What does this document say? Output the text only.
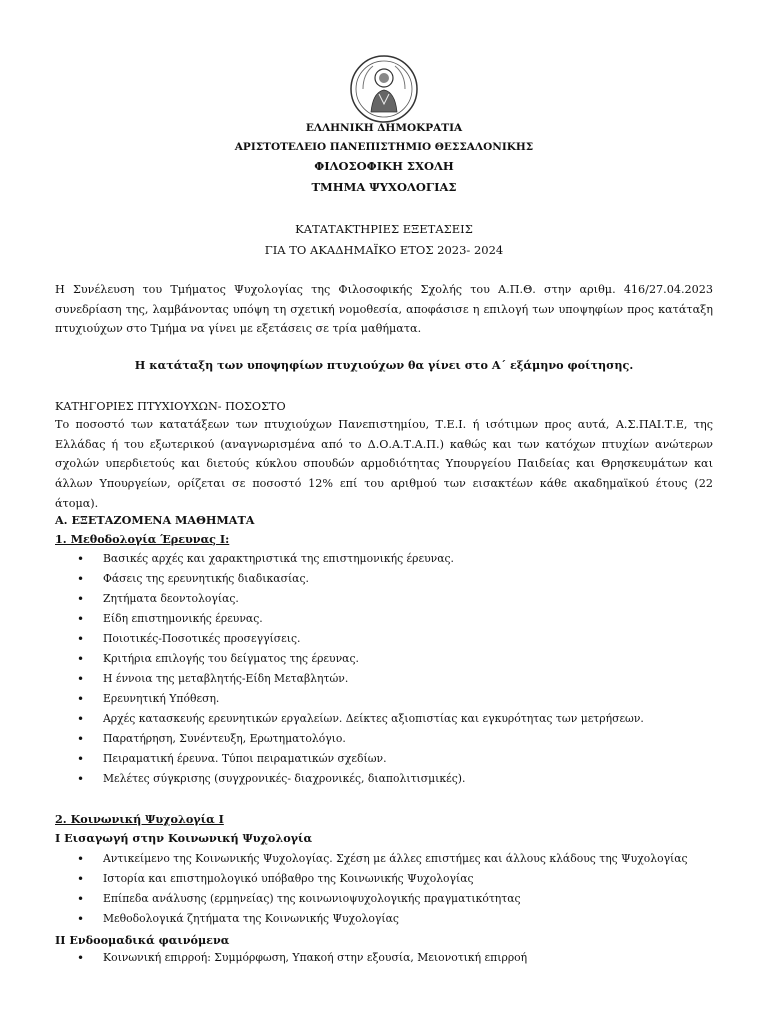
ΕΛΛΗΝΙΚΗ ΔΗΜΟΚΡΑΤΙΑ
ΑΡΙΣΤΟΤΕΛΕΙΟ ΠΑΝΕΠΙΣΤΗΜΙΟ ΘΕΣΣΑΛΟΝΙΚΗΣ
ΦΙΛΟΣΟΦΙΚΗ ΣΧΟΛΗ
ΤΜΗΜΑ ΨΥΧΟΛΟΓΙΑΣ
ΚΑΤΑΤΑΚΤΗΡΙΕΣ ΕΞΕΤΑΣΕΙΣ
ΓΙΑ ΤΟ ΑΚΑΔΗΜΑΪΚΟ ΕΤΟΣ 2023- 2024
Η Συνέλευση του Τμήματος Ψυχολογίας της Φιλοσοφικής Σχολής του Α.Π.Θ. στην αριθμ. 416/27.04.2023 συνεδρίαση της, λαμβάνοντας υπόψη τη σχετική νομοθεσία, αποφάσισε η επιλογή των υποψηφίων προς κατάταξη πτυχιούχων στο Τμήμα να γίνει με εξετάσεις σε τρία μαθήματα.
Η κατάταξη των υποψηφίων πτυχιούχων θα γίνει στο Α΄ εξάμηνο φοίτησης.
ΚΑΤΗΓΟΡΙΕΣ ΠΤΥΧΙΟΥΧΩΝ- ΠΟΣΟΣΤΟ
Το ποσοστό των κατατάξεων των πτυχιούχων Πανεπιστημίου, Τ.Ε.Ι. ή ισότιμων προς αυτά, Α.Σ.ΠΑΙ.Τ.Ε, της Ελλάδας ή του εξωτερικού (αναγνωρισμένα από το Δ.Ο.Α.Τ.Α.Π.) καθώς και των κατόχων πτυχίων ανώτερων σχολών υπερδιετούς και διετούς κύκλου σπουδών αρμοδιότητας Υπουργείου Παιδείας και Θρησκευμάτων και άλλων Υπουργείων, ορίζεται σε ποσοστό 12% επί του αριθμού των εισακτέων κάθε ακαδημαϊκού έτους (22 άτομα).
Α. ΕΞΕΤΑΖΟΜΕΝΑ ΜΑΘΗΜΑΤΑ
1. Μεθοδολογία Έρευνας Ι:
• Βασικές αρχές και χαρακτηριστικά της επιστημονικής έρευνας.
• Φάσεις της ερευνητικής διαδικασίας.
• Ζητήματα δεοντολογίας.
• Είδη επιστημονικής έρευνας.
• Ποιοτικές-Ποσοτικές προσεγγίσεις.
• Κριτήρια επιλογής του δείγματος της έρευνας.
• Η έννοια της μεταβλητής-Είδη Μεταβλητών.
• Ερευνητική Υπόθεση.
• Αρχές κατασκευής ερευνητικών εργαλείων. Δείκτες αξιοπιστίας και εγκυρότητας των μετρήσεων.
• Παρατήρηση, Συνέντευξη, Ερωτηματολόγιο.
• Πειραματική έρευνα. Τύποι πειραματικών σχεδίων.
• Μελέτες σύγκρισης (συγχρονικές- διαχρονικές, διαπολιτισμικές).
2. Κοινωνική Ψυχολογία Ι
Ι Εισαγωγή στην Κοινωνική Ψυχολογία
• Αντικείμενο της Κοινωνικής Ψυχολογίας. Σχέση με άλλες επιστήμες και άλλους κλάδους της Ψυχολογίας
• Ιστορία και επιστημολογικό υπόβαθρο της Κοινωνικής Ψυχολογίας
• Επίπεδα ανάλυσης (ερμηνείας) της κοινωνιοψυχολογικής πραγματικότητας
• Μεθοδολογικά ζητήματα της Κοινωνικής Ψυχολογίας
ΙΙ Ενδοομαδικά φαινόμενα
• Κοινωνική επιρροή: Συμμόρφωση, Υπακοή στην εξουσία, Μειονοτική επιρροή
